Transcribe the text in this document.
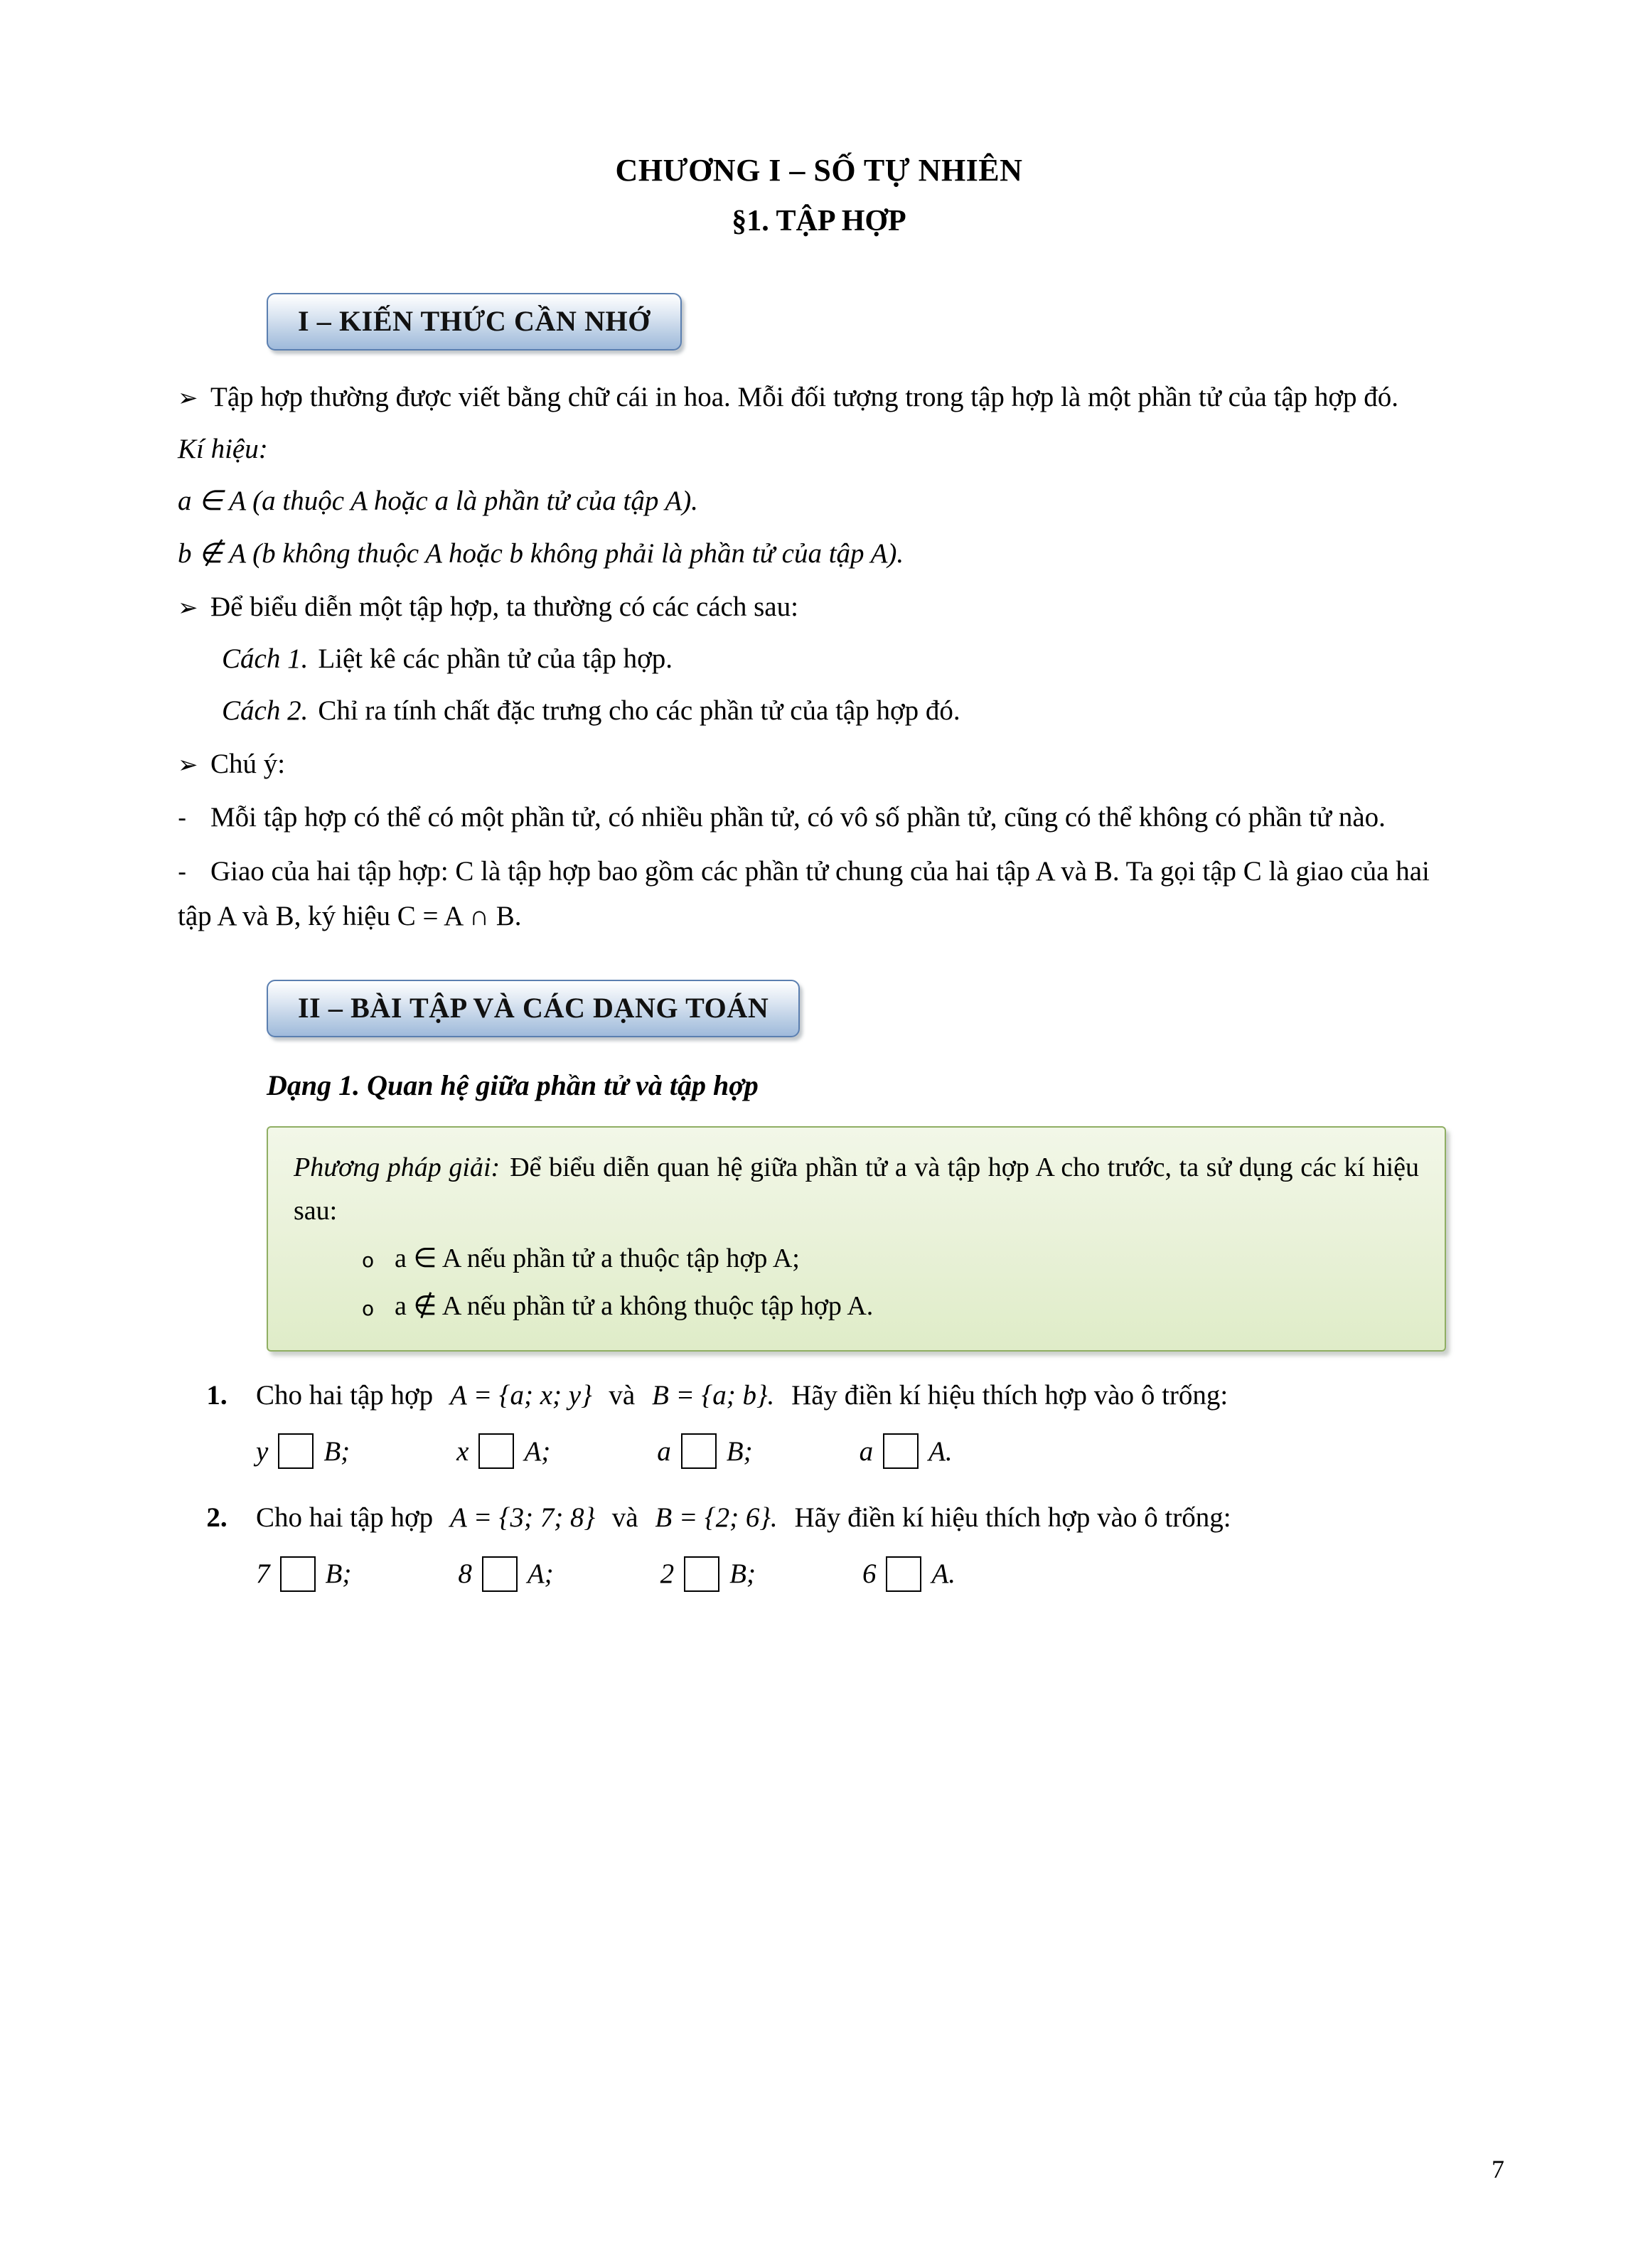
CHƯƠNG I – SỐ TỰ NHIÊN
§1. TẬP HỢP
I – KIẾN THỨC CẦN NHỚ
➢ Tập hợp thường được viết bằng chữ cái in hoa. Mỗi đối tượng trong tập hợp là một phần tử của tập hợp đó.
Kí hiệu:
a ∈ A (a thuộc A hoặc a là phần tử của tập A).
b ∉ A (b không thuộc A hoặc b không phải là phần tử của tập A).
➢ Để biểu diễn một tập hợp, ta thường có các cách sau:
Cách 1. Liệt kê các phần tử của tập hợp.
Cách 2. Chỉ ra tính chất đặc trưng cho các phần tử của tập hợp đó.
➢ Chú ý:
- Mỗi tập hợp có thể có một phần tử, có nhiều phần tử, có vô số phần tử, cũng có thể không có phần tử nào.
- Giao của hai tập hợp: C là tập hợp bao gồm các phần tử chung của hai tập A và B. Ta gọi tập C là giao của hai tập A và B, ký hiệu C = A ∩ B.
II – BÀI TẬP VÀ CÁC DẠNG TOÁN
Dạng 1. Quan hệ giữa phần tử và tập hợp
Phương pháp giải: Để biểu diễn quan hệ giữa phần tử a và tập hợp A cho trước, ta sử dụng các kí hiệu sau:
o a ∈ A nếu phần tử a thuộc tập hợp A;
o a ∉ A nếu phần tử a không thuộc tập hợp A.
1.	Cho hai tập hợp A = {a; x; y} và B = {a; b}. Hãy điền kí hiệu thích hợp vào ô trống:
y B;	x A;	a B;	a A.
2.	Cho hai tập hợp A = {3; 7; 8} và B = {2; 6}. Hãy điền kí hiệu thích hợp vào ô trống:
7 B;	8 A;	2 B;	6 A.
7
